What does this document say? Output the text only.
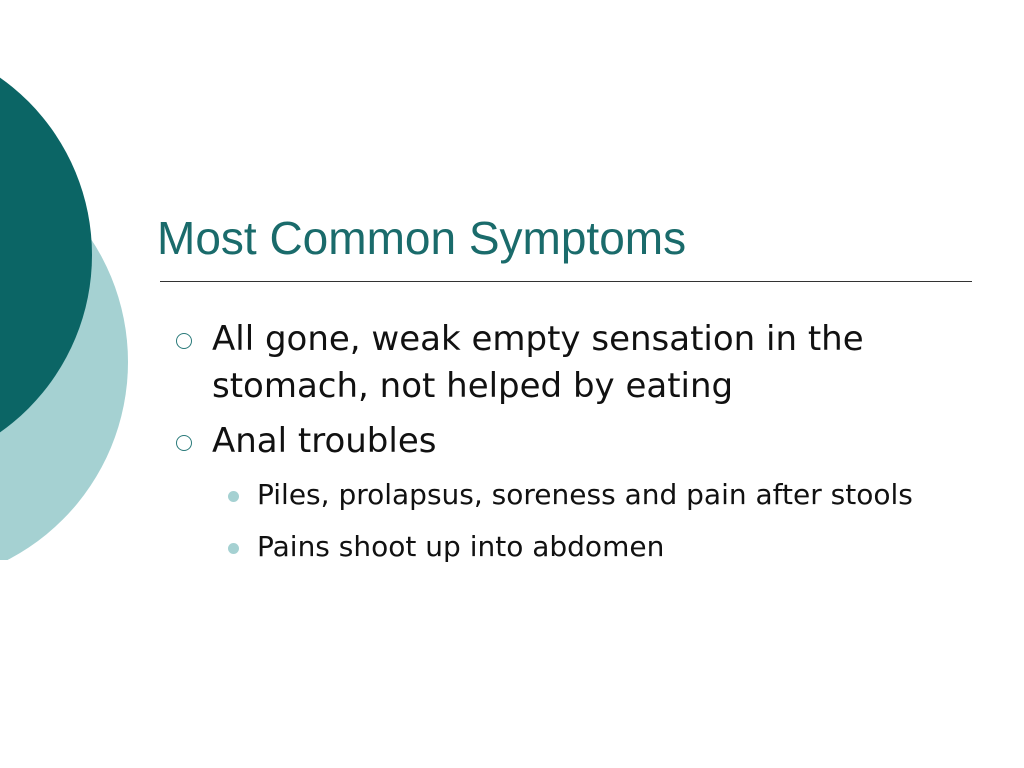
Most Common Symptoms
All gone, weak empty sensation in the stomach, not helped by eating
Anal troubles
Piles, prolapsus, soreness and pain after stools
Pains shoot up into abdomen
